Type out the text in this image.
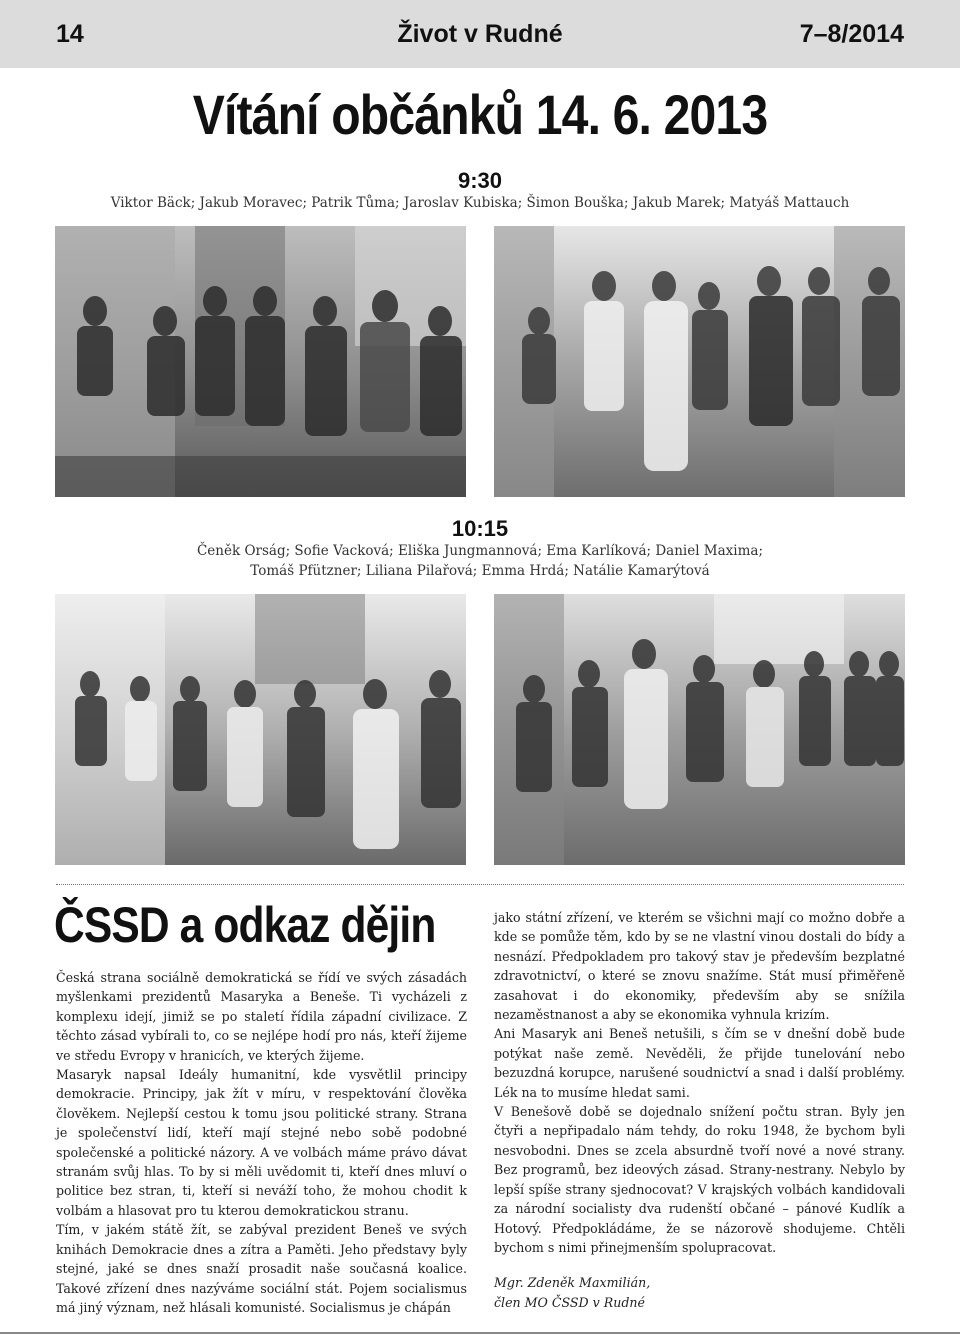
14	Život v Rudné	7–8/2014
Vítání občánků 14. 6. 2013
9:30
Viktor Bäck; Jakub Moravec; Patrik Tůma; Jaroslav Kubiska; Šimon Bouška; Jakub Marek; Matyáš Mattauch
10:15
Čeněk Orság; Sofie Vacková; Eliška Jungmannová; Ema Karlíková; Daniel Maxima;
Tomáš Pfützner; Liliana Pilařová; Emma Hrdá; Natálie Kamarýtová
ČSSD a odkaz dějin

Česká strana sociálně demokratická se řídí ve svých zásadách myšlenkami prezidentů Masaryka a Beneše. Ti vycházeli z komplexu idejí, jimiž se po staletí řídila západní civilizace. Z těchto zásad vybírali to, co se nejlépe hodí pro nás, kteří žijeme ve středu Evropy v hranicích, ve kterých žijeme.

Masaryk napsal Ideály humanitní, kde vysvětlil principy demokracie. Principy, jak žít v míru, v respektování člověka člověkem. Nejlepší cestou k tomu jsou politické strany. Strana je společenství lidí, kteří mají stejné nebo sobě podobné společenské a politické názory. A ve volbách máme právo dávat stranám svůj hlas. To by si měli uvědomit ti, kteří dnes mluví o politice bez stran, ti, kteří si neváží toho, že mohou chodit k volbám a hlasovat pro tu kterou demokratickou stranu.

Tím, v jakém státě žít, se zabýval prezident Beneš ve svých knihách Demokracie dnes a zítra a Paměti. Jeho představy byly stejné, jaké se dnes snaží prosadit naše současná koalice. Takové zřízení dnes nazýváme sociální stát. Pojem socialismus má jiný význam, než hlásali komunisté. Socialismus je chápán

jako státní zřízení, ve kterém se všichni mají co možno dobře a kde se pomůže těm, kdo by se ne vlastní vinou dostali do bídy a nesnází. Předpokladem pro takový stav je především bezplatné zdravotnictví, o které se znovu snažíme. Stát musí přiměřeně zasahovat i do ekonomiky, především aby se snížila nezaměstnanost a aby se ekonomika vyhnula krizím.

Ani Masaryk ani Beneš netušili, s čím se v dnešní době bude potýkat naše země. Nevěděli, že přijde tunelování nebo bezuzdná korupce, narušené soudnictví a snad i další problémy. Lék na to musíme hledat sami.

V Benešově době se dojednalo snížení počtu stran. Byly jen čtyři a nepřipadalo nám tehdy, do roku 1948, že bychom byli nesvobodni. Dnes se zcela absurdně tvoří nové a nové strany. Bez programů, bez ideových zásad. Strany-nestrany. Nebylo by lepší spíše strany sjednocovat? V krajských volbách kandidovali za národní socialisty dva rudenští občané – pánové Kudlík a Hotový. Předpokládáme, že se názorově shodujeme. Chtěli bychom s nimi přinejmenším spolupracovat.

Mgr. Zdeněk Maxmilián,

člen MO ČSSD v Rudné
